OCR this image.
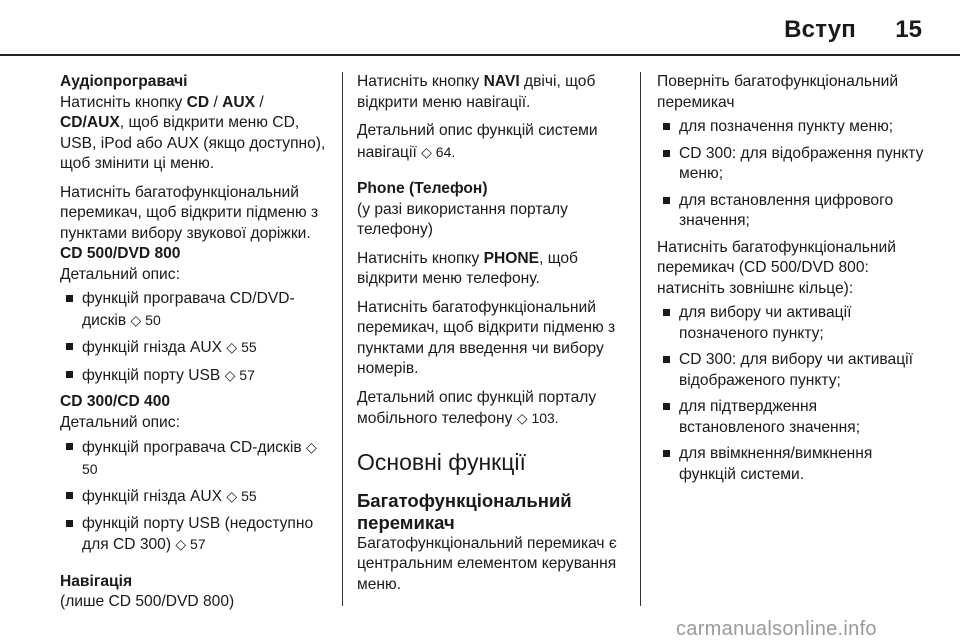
Вступ 15

Аудіопрогравачі

Натисніть кнопку CD / AUX / CD/AUX, щоб відкрити меню CD, USB, iPod або AUX (якщо доступно), щоб змінити ці меню.

Натисніть багатофункціональний перемикач, щоб відкрити підменю з пунктами вибору звукової доріжки.

CD 500/DVD 800

Детальний опис:

функцій програвача CD/DVD-дисків ◇ 50
функцій гнізда AUX ◇ 55
функцій порту USB ◇ 57

CD 300/CD 400

Детальний опис:

функцій програвача CD-дисків ◇ 50
функцій гнізда AUX ◇ 55
функцій порту USB (недоступно для CD 300) ◇ 57

Навігація

(лише CD 500/DVD 800)

Натисніть кнопку NAVI двічі, щоб відкрити меню навігації.

Детальний опис функцій системи навігації ◇ 64.

Phone (Телефон)

(у разі використання порталу телефону)

Натисніть кнопку PHONE, щоб відкрити меню телефону.

Натисніть багатофункціональний перемикач, щоб відкрити підменю з пунктами для введення чи вибору номерів.

Детальний опис функцій порталу мобільного телефону ◇ 103.

Основні функції

Багатофункціональний перемикач

Багатофункціональний перемикач є центральним елементом керування меню.

Поверніть багатофункціональний перемикач

для позначення пункту меню;
CD 300: для відображення пункту меню;
для встановлення цифрового значення;

Натисніть багатофункціональний перемикач (CD 500/DVD 800: натисніть зовнішнє кільце):

для вибору чи активації позначеного пункту;
CD 300: для вибору чи активації відображеного пункту;
для підтвердження встановленого значення;
для ввімкнення/вимкнення функцій системи.
carmanualsonline.info
